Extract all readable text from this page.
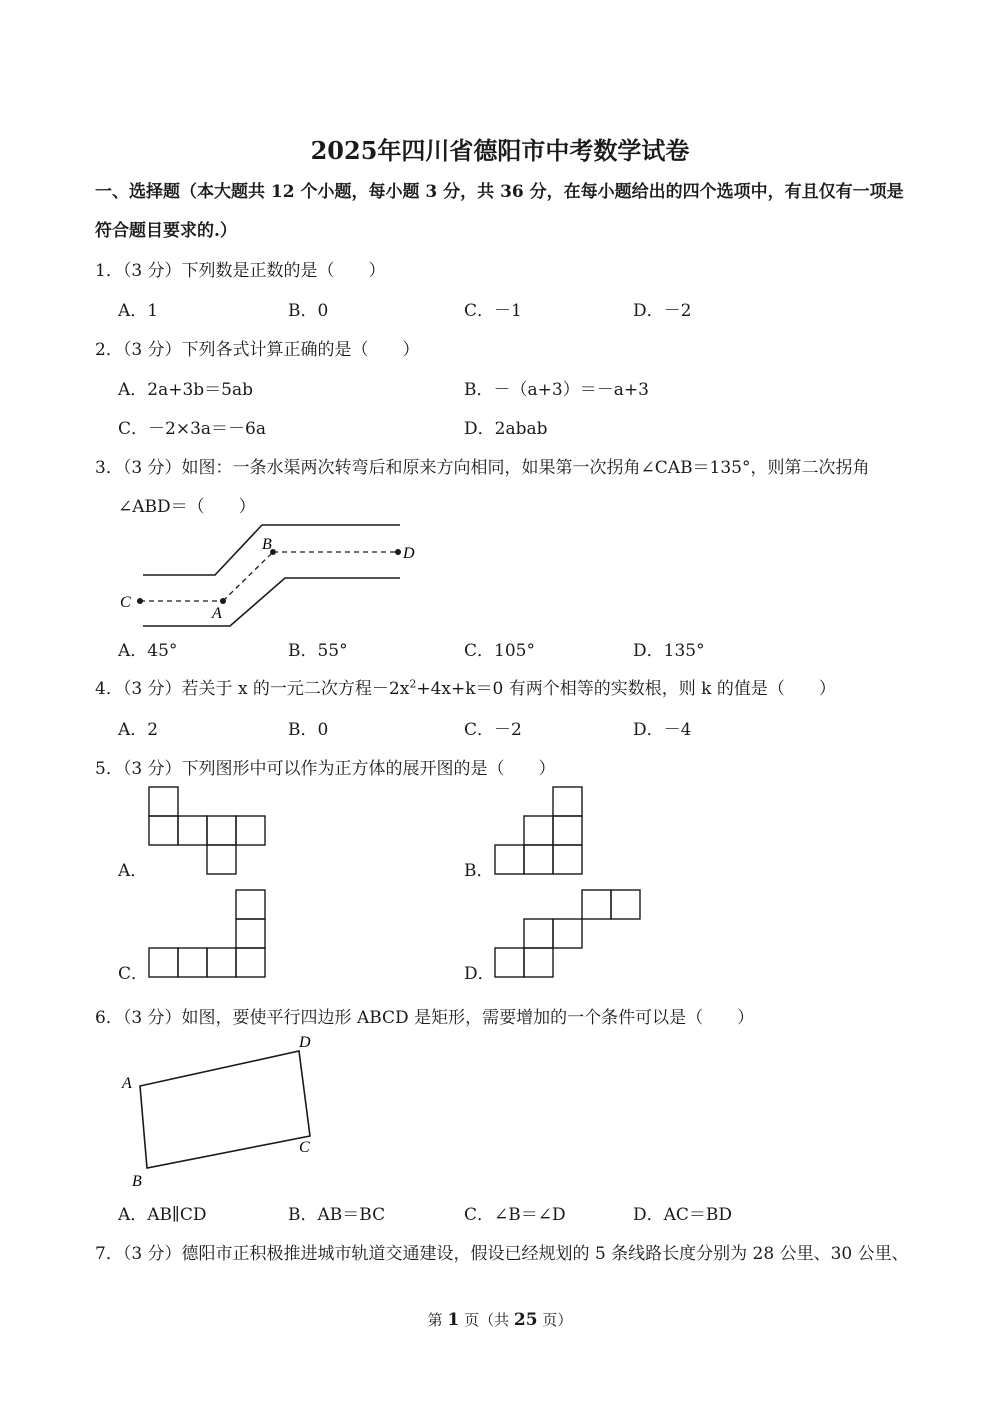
2025年四川省德阳市中考数学试卷
一、选择题（本大题共 12 个小题，每小题 3 分，共 36 分，在每小题给出的四个选项中，有且仅有一项是
符合题目要求的.）
1．（3 分）下列数是正数的是（　　）
A．1	B．0	C．－1	D．－2
2．（3 分）下列各式计算正确的是（　　）
A．2a+3b＝5ab	B．－（a+3）＝－a+3
C．－2×3a＝－6a	D．2abab
3．（3 分）如图：一条水渠两次转弯后和原来方向相同，如果第一次拐角∠CAB＝135°，则第二次拐角
∠ABD＝（　　）
B
D
C
A
A．45°	B．55°	C．105°	D．135°
4．（3 分）若关于 x 的一元二次方程$-2x^2+4x+k=0$ 有两个相等的实数根，则 k 的值是（　　）
A．2	B．0	C．－2	D．－4
5．（3 分）下列图形中可以作为正方体的展开图的是（　　）
A．	B．
C．	D．
6．（3 分）如图，要使平行四边形 ABCD 是矩形，需要增加的一个条件可以是（　　）
A
B
C
D
A．AB∥CD	B．AB＝BC	C．∠B＝∠D	D．AC＝BD
7．（3 分）德阳市正积极推进城市轨道交通建设，假设已经规划的 5 条线路长度分别为 28 公里、30 公里、
第 1 页（共 25 页）
